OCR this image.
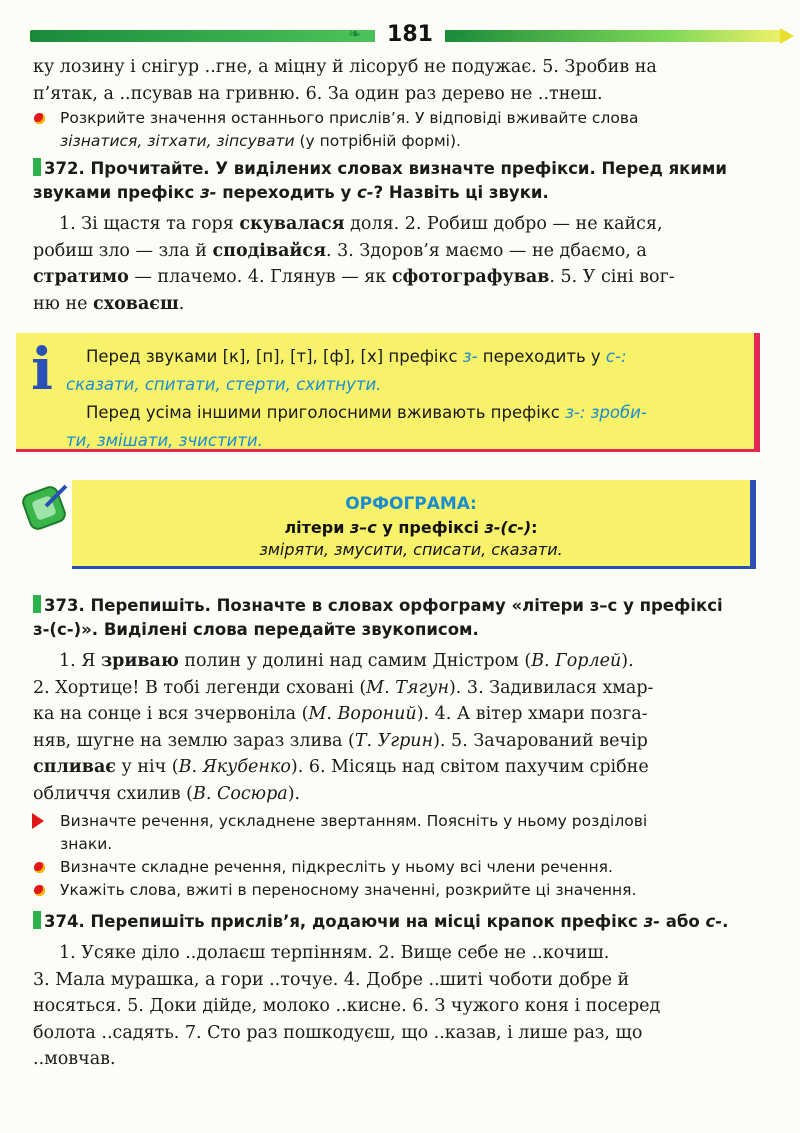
❧	181	☙
ку лозину і снігур ..гне, а міцну й лісоруб не подужає. 5. Зробив на
п’ятак, а ..псував на гривню. 6. За один раз дерево не ..тнеш.
Розкрийте значення останнього прислів’я. У відповіді вживайте слова
зізнатися, зітхати, зіпсувати (у потрібній формі).
372. Прочитайте. У виділених словах визначте префікси. Перед якими
звуками префікс з- переходить у с-? Назвіть ці звуки.
1. Зі щастя та горя скувалася доля. 2. Робиш добро — не кайся,
робиш зло — зла й сподівайся. 3. Здоров’я маємо — не дбаємо, а
стратимо — плачемо. 4. Глянув — як сфотографував. 5. У сіні вог-
ню не сховаєш.
i	Перед звуками [к], [п], [т], [ф], [х] префікс з- переходить у с-:
сказати, спитати, стерти, схитнути.
Перед усіма іншими приголосними вживають префікс з-: зроби-
ти, змішати, зчистити.
ОРФОГРАМА:
літери з–с у префіксі з-(с-):
зміряти, змусити, списати, сказати.
373. Перепишіть. Позначте в словах орфограму «літери з–с у префіксі
з-(с-)». Виділені слова передайте звукописом.
1. Я зриваю полин у долині над самим Дністром (В. Горлей).
2. Хортице! В тобі легенди сховані (М. Тягун). 3. Задивилася хмар-
ка на сонце і вся зчервоніла (М. Вороний). 4. А вітер хмари позга-
няв, шугне на землю зараз злива (Т. Угрин). 5. Зачарований вечір
спливає у ніч (В. Якубенко). 6. Місяць над світом пахучим срібне
обличчя схилив (В. Сосюра).
Визначте речення, ускладнене звертанням. Поясніть у ньому розділові
знаки.
Визначте складне речення, підкресліть у ньому всі члени речення.
Укажіть слова, вжиті в переносному значенні, розкрийте ці значення.
374. Перепишіть прислів’я, додаючи на місці крапок префікс з- або с-.
1. Усяке діло ..долаєш терпінням. 2. Вище себе не ..кочиш.
3. Мала мурашка, а гори ..точуе. 4. Добре ..шиті чоботи добре й
носяться. 5. Доки дійде, молоко ..кисне. 6. З чужого коня і посеред
болота ..садять. 7. Сто раз пошкодуєш, що ..казав, і лише раз, що
..мовчав.
